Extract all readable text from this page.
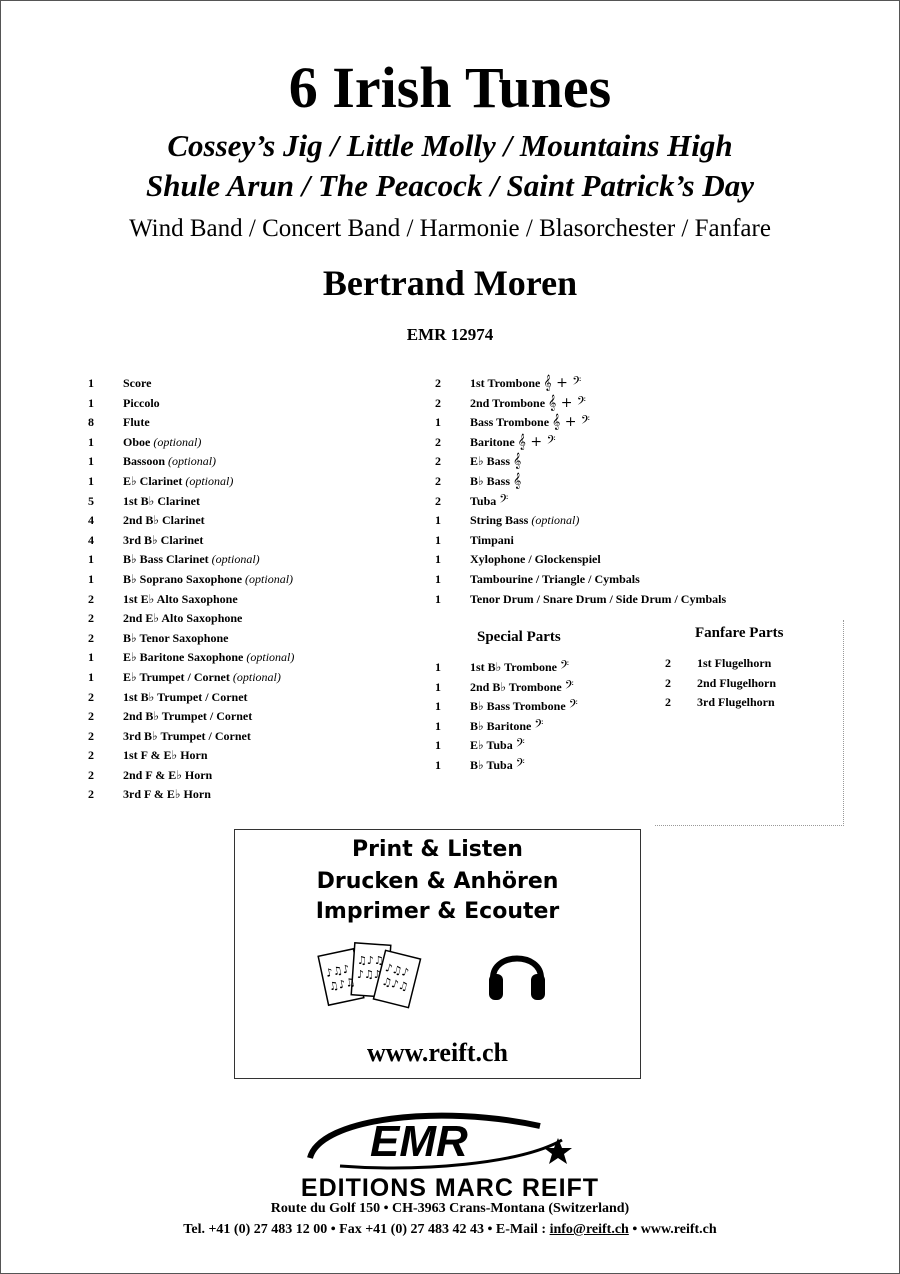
6 Irish Tunes
Cossey’s Jig / Little Molly / Mountains High
Shule Arun / The Peacock / Saint Patrick’s Day
Wind Band / Concert Band / Harmonie / Blasorchester / Fanfare
Bertrand Moren
EMR 12974
1 Score
1 Piccolo
8 Flute
1 Oboe (optional)
1 Bassoon (optional)
1 E♭ Clarinet (optional)
5 1st B♭ Clarinet
4 2nd B♭ Clarinet
4 3rd B♭ Clarinet
1 B♭ Bass Clarinet (optional)
1 B♭ Soprano Saxophone (optional)
2 1st E♭ Alto Saxophone
2 2nd E♭ Alto Saxophone
2 B♭ Tenor Saxophone
1 E♭ Baritone Saxophone (optional)
1 E♭ Trumpet / Cornet (optional)
2 1st B♭ Trumpet / Cornet
2 2nd B♭ Trumpet / Cornet
2 3rd B♭ Trumpet / Cornet
2 1st F & E♭ Horn
2 2nd F & E♭ Horn
2 3rd F & E♭ Horn
2 1st Trombone 𝄞 + 𝄢
2 2nd Trombone 𝄞 + 𝄢
1 Bass Trombone 𝄞 + 𝄢
2 Baritone 𝄞 + 𝄢
2 E♭ Bass 𝄞
2 B♭ Bass 𝄞
2 Tuba 𝄢
1 String Bass (optional)
1 Timpani
1 Xylophone / Glockenspiel
1 Tambourine / Triangle / Cymbals
1 Tenor Drum / Snare Drum / Side Drum / Cymbals
Special Parts
1 1st B♭ Trombone 𝄢
1 2nd B♭ Trombone 𝄢
1 B♭ Bass Trombone 𝄢
1 B♭ Baritone 𝄢
1 E♭ Tuba 𝄢
1 B♭ Tuba 𝄢
Fanfare Parts
2 1st Flugelhorn
2 2nd Flugelhorn
2 3rd Flugelhorn
Print & Listen
Drucken & Anhören
Imprimer & Ecouter
♪♫♪
♫♪♫
♫♪♫
♪♫♪ ♪♫♪
♫♪♫
www.reift.ch
EMR
EDITIONS MARC REIFT
Route du Golf 150 • CH-3963 Crans-Montana (Switzerland)
Tel. +41 (0) 27 483 12 00 • Fax +41 (0) 27 483 42 43 • E-Mail : info@reift.ch • www.reift.ch
